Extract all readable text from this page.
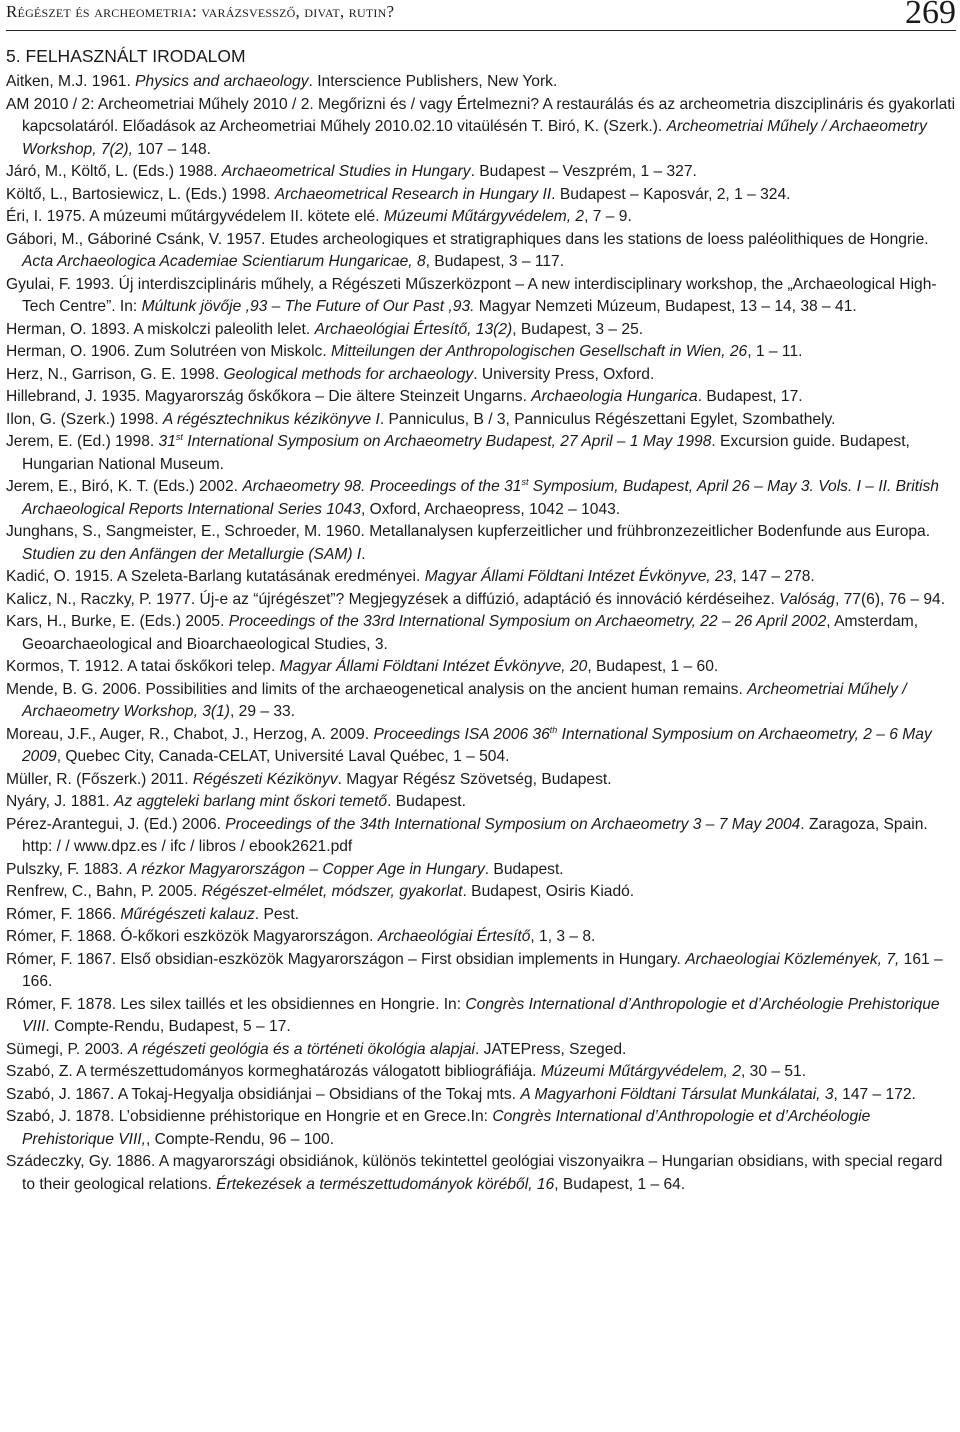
Régészet és archeometria: varázsvessző, divat, rutin?	269
5. FELHASZNÁLT IRODALOM

Aitken, M.J. 1961. Physics and archaeology. Interscience Publishers, New York.

AM 2010 / 2: Archeometriai Műhely 2010 / 2. Megőrizni és / vagy Értelmezni? A restaurálás és az archeometria diszciplináris és gyakorlati kapcsolatáról. Előadások az Archeometriai Műhely 2010.02.10 vitaülésén T. Biró, K. (Szerk.). Archeometriai Műhely / Archaeometry Workshop, 7(2), 107 – 148.

Járó, M., Költő, L. (Eds.) 1988. Archaeometrical Studies in Hungary. Budapest – Veszprém, 1 – 327.

Költő, L., Bartosiewicz, L. (Eds.) 1998. Archaeometrical Research in Hungary II. Budapest – Kaposvár, 2, 1 – 324.

Éri, I. 1975. A múzeumi műtárgyvédelem II. kötete elé. Múzeumi Műtárgyvédelem, 2, 7 – 9.

Gábori, M., Gáboriné Csánk, V. 1957. Etudes archeologiques et stratigraphiques dans les stations de loess paléolithiques de Hongrie. Acta Archaeologica Academiae Scientiarum Hungaricae, 8, Budapest, 3 – 117.

Gyulai, F. 1993. Új interdiszciplináris műhely, a Régészeti Műszerközpont – A new interdisciplinary workshop, the „Archaeological High-Tech Centre”. In: Múltunk jövője ,93 – The Future of Our Past ,93. Magyar Nemzeti Múzeum, Budapest, 13 – 14, 38 – 41.

Herman, O. 1893. A miskolczi paleolith lelet. Archaeológiai Értesítő, 13(2), Budapest, 3 – 25.

Herman, O. 1906. Zum Solutréen von Miskolc. Mitteilungen der Anthropologischen Gesellschaft in Wien, 26, 1 – 11.

Herz, N., Garrison, G. E. 1998. Geological methods for archaeology. University Press, Oxford.

Hillebrand, J. 1935. Magyarország őskőkora – Die ältere Steinzeit Ungarns. Archaeologia Hungarica. Budapest, 17.

Ilon, G. (Szerk.) 1998. A régésztechnikus kézikönyve I. Panniculus, B / 3, Panniculus Régészettani Egylet, Szombathely.

Jerem, E. (Ed.) 1998. 31st International Symposium on Archaeometry Budapest, 27 April – 1 May 1998. Excursion guide. Budapest, Hungarian National Museum.

Jerem, E., Biró, K. T. (Eds.) 2002. Archaeometry 98. Proceedings of the 31st Symposium, Budapest, April 26 – May 3. Vols. I – II. British Archaeological Reports International Series 1043, Oxford, Archaeopress, 1042 – 1043.

Junghans, S., Sangmeister, E., Schroeder, M. 1960. Metallanalysen kupferzeitlicher und frühbronzezeitlicher Bodenfunde aus Europa. Studien zu den Anfängen der Metallurgie (SAM) I.

Kadić, O. 1915. A Szeleta-Barlang kutatásának eredményei. Magyar Állami Földtani Intézet Évkönyve, 23, 147 – 278.

Kalicz, N., Raczky, P. 1977. Új-e az “újrégészet”? Megjegyzések a diffúzió, adaptáció és innováció kérdéseihez. Valóság, 77(6), 76 – 94.

Kars, H., Burke, E. (Eds.) 2005. Proceedings of the 33rd International Symposium on Archaeometry, 22 – 26 April 2002, Amsterdam, Geoarchaeological and Bioarchaeological Studies, 3.

Kormos, T. 1912. A tatai őskőkori telep. Magyar Állami Földtani Intézet Évkönyve, 20, Budapest, 1 – 60.

Mende, B. G. 2006. Possibilities and limits of the archaeogenetical analysis on the ancient human remains. Archeometriai Műhely / Archaeometry Workshop, 3(1), 29 – 33.

Moreau, J.F., Auger, R., Chabot, J., Herzog, A. 2009. Proceedings ISA 2006 36th International Symposium on Archaeometry, 2 – 6 May 2009, Quebec City, Canada-CELAT, Université Laval Québec, 1 – 504.

Müller, R. (Főszerk.) 2011. Régészeti Kézikönyv. Magyar Régész Szövetség, Budapest.

Nyáry, J. 1881. Az aggteleki barlang mint őskori temető. Budapest.

Pérez-Arantegui, J. (Ed.) 2006. Proceedings of the 34th International Symposium on Archaeometry 3 – 7 May 2004. Zaragoza, Spain. http: / / www.dpz.es / ifc / libros / ebook2621.pdf

Pulszky, F. 1883. A rézkor Magyarországon – Copper Age in Hungary. Budapest.

Renfrew, C., Bahn, P. 2005. Régészet-elmélet, módszer, gyakorlat. Budapest, Osiris Kiadó.

Rómer, F. 1866. Műrégészeti kalauz. Pest.

Rómer, F. 1868. Ó-kőkori eszközök Magyarországon. Archaeológiai Értesítő, 1, 3 – 8.

Rómer, F. 1867. Első obsidian-eszközök Magyarországon – First obsidian implements in Hungary. Archaeologiai Közlemények, 7, 161 – 166.

Rómer, F. 1878. Les silex taillés et les obsidiennes en Hongrie. In: Congrès International d’Anthropologie et d’Archéologie Prehistorique VIII. Compte-Rendu, Budapest, 5 – 17.

Sümegi, P. 2003. A régészeti geológia és a történeti ökológia alapjai. JATEPress, Szeged.

Szabó, Z. A természettudományos kormeghatározás válogatott bibliográfiája. Múzeumi Műtárgyvédelem, 2, 30 – 51.

Szabó, J. 1867. A Tokaj-Hegyalja obsidiánjai – Obsidians of the Tokaj mts. A Magyarhoni Földtani Társulat Munkálatai, 3, 147 – 172.

Szabó, J. 1878. L’obsidienne préhistorique en Hongrie et en Grece.In: Congrès International d’Anthropologie et d’Archéologie Prehistorique VIII,, Compte-Rendu, 96 – 100.

Szádeczky, Gy. 1886. A magyarországi obsidiánok, különös tekintettel geológiai viszonyaikra – Hungarian obsidians, with special regard to their geological relations. Értekezések a természettudományok köréből, 16, Budapest, 1 – 64.
